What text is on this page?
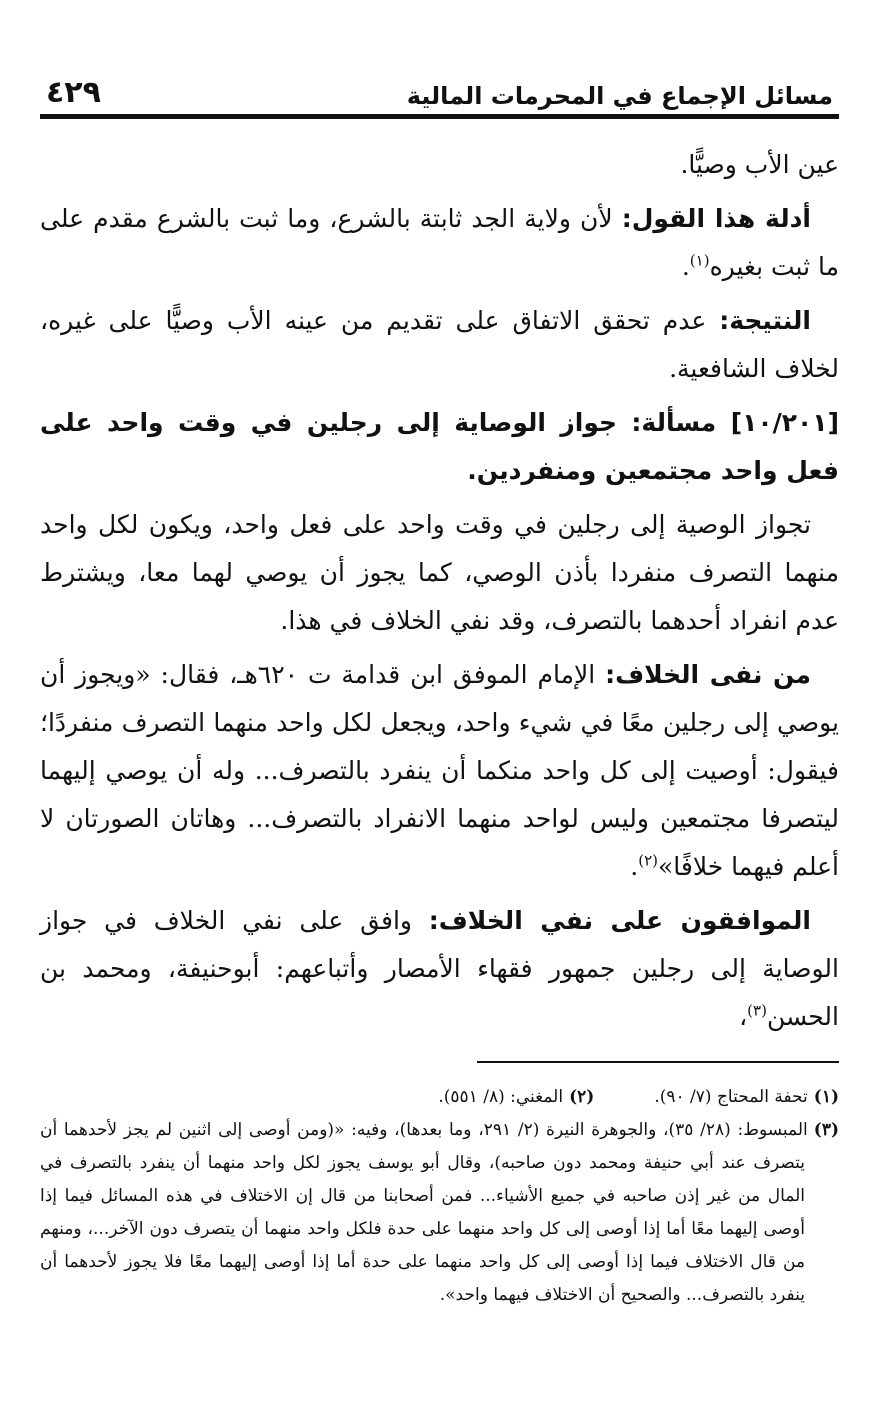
مسائل الإجماع في المحرمات المالية
٤٢٩

عين الأب وصيًّا.

أدلة هذا القول: لأن ولاية الجد ثابتة بالشرع، وما ثبت بالشرع مقدم على ما ثبت بغيره$^{(١)}$.

النتيجة: عدم تحقق الاتفاق على تقديم من عينه الأب وصيًّا على غيره، لخلاف الشافعية.

[١٠/٢٠١] مسألة: جواز الوصاية إلى رجلين في وقت واحد على فعل واحد مجتمعين ومنفردين.

تجواز الوصية إلى رجلين في وقت واحد على فعل واحد، ويكون لكل واحد منهما التصرف منفردا بأذن الوصي، كما يجوز أن يوصي لهما معا، ويشترط عدم انفراد أحدهما بالتصرف، وقد نفي الخلاف في هذا.

من نفى الخلاف: الإمام الموفق ابن قدامة ت ٦٢٠هـ، فقال: «ويجوز أن يوصي إلى رجلين معًا في شيء واحد، ويجعل لكل واحد منهما التصرف منفردًا؛ فيقول: أوصيت إلى كل واحد منكما أن ينفرد بالتصرف... وله أن يوصي إليهما ليتصرفا مجتمعين وليس لواحد منهما الانفراد بالتصرف... وهاتان الصورتان لا أعلم فيهما خلافًا»$^{(٢)}$.

الموافقون على نفي الخلاف: وافق على نفي الخلاف في جواز الوصاية إلى رجلين جمهور فقهاء الأمصار وأتباعهم: أبوحنيفة، ومحمد بن الحسن$^{(٣)}$،

(١)تحفة المحتاج (٧/ ٩٠).

(٢)المغني: (٨/ ٥٥١).

(٣)المبسوط: (٢٨/ ٣٥)، والجوهرة النيرة (٢/ ٢٩١، وما بعدها)، وفيه: «(ومن أوصى إلى اثنين لم يجز لأحدهما أن يتصرف عند أبي حنيفة ومحمد دون صاحبه)، وقال أبو يوسف يجوز لكل واحد منهما أن ينفرد بالتصرف في المال من غير إذن صاحبه في جميع الأشياء... فمن أصحابنا من قال إن الاختلاف في هذه المسائل فيما إذا أوصى إليهما معًا أما إذا أوصى إلى كل واحد منهما على حدة فلكل واحد منهما أن يتصرف دون الآخر...، ومنهم من قال الاختلاف فيما إذا أوصى إلى كل واحد منهما على حدة أما إذا أوصى إليهما معًا فلا يجوز لأحدهما أن ينفرد بالتصرف... والصحيح أن الاختلاف فيهما واحد».
